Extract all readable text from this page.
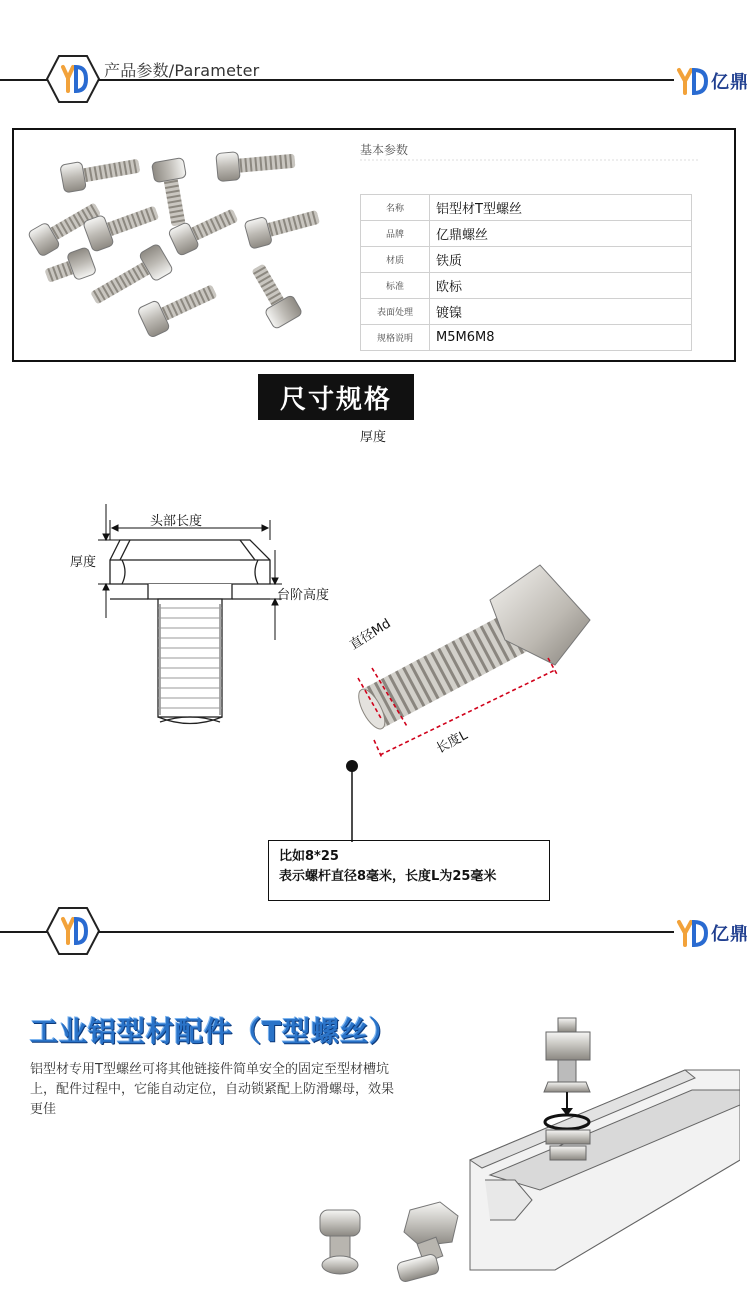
产品参数/Parameter
亿鼎
基本参数
名称	铝型材T型螺丝
品牌	亿鼎螺丝
材质	铁质
标准	欧标
表面处理	镀镍
规格说明	M5M6M8
尺寸规格
厚度
头部长度
厚度
台阶高度
直径Md
长度L
比如8*25
表示螺杆直径8毫米，长度L为25毫米
亿鼎
工业铝型材配件（T型螺丝）
铝型材专用T型螺丝可将其他链接件简单安全的固定至型材槽坑上，配件过程中，它能自动定位，自动锁紧配上防滑螺母，效果更佳
